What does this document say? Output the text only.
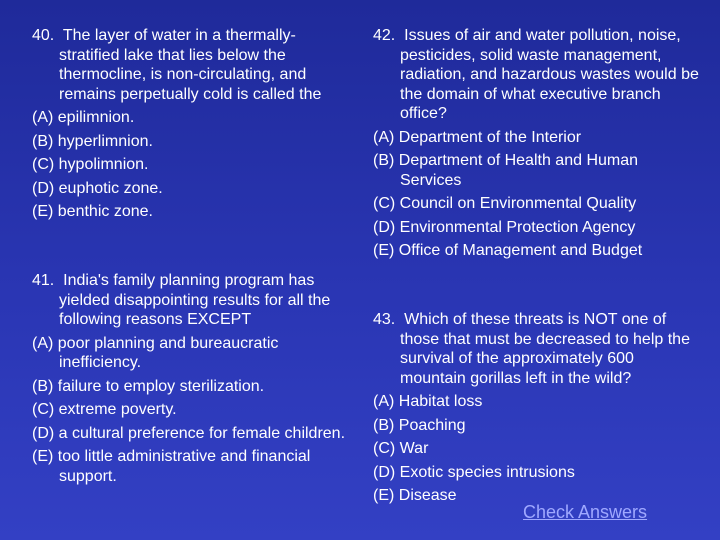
40. The layer of water in a thermally-stratified lake that lies below the thermocline, is non-circulating, and remains perpetually cold is called the

(A) epilimnion.
(B) hyperlimnion.
(C) hypolimnion.
(D) euphotic zone.
(E) benthic zone.

41. India's family planning program has yielded disappointing results for all the following reasons EXCEPT

(A) poor planning and bureaucratic inefficiency.
(B) failure to employ sterilization.
(C) extreme poverty.
(D) a cultural preference for female children.
(E) too little administrative and financial support.

42. Issues of air and water pollution, noise, pesticides, solid waste management, radiation, and hazardous wastes would be the domain of what executive branch office?

(A) Department of the Interior
(B) Department of Health and Human Services
(C) Council on Environmental Quality
(D) Environmental Protection Agency
(E) Office of Management and Budget

43. Which of these threats is NOT one of those that must be decreased to help the survival of the approximately 600 mountain gorillas left in the wild?

(A) Habitat loss
(B) Poaching
(C) War
(D) Exotic species intrusions
(E) Disease
Check Answers
